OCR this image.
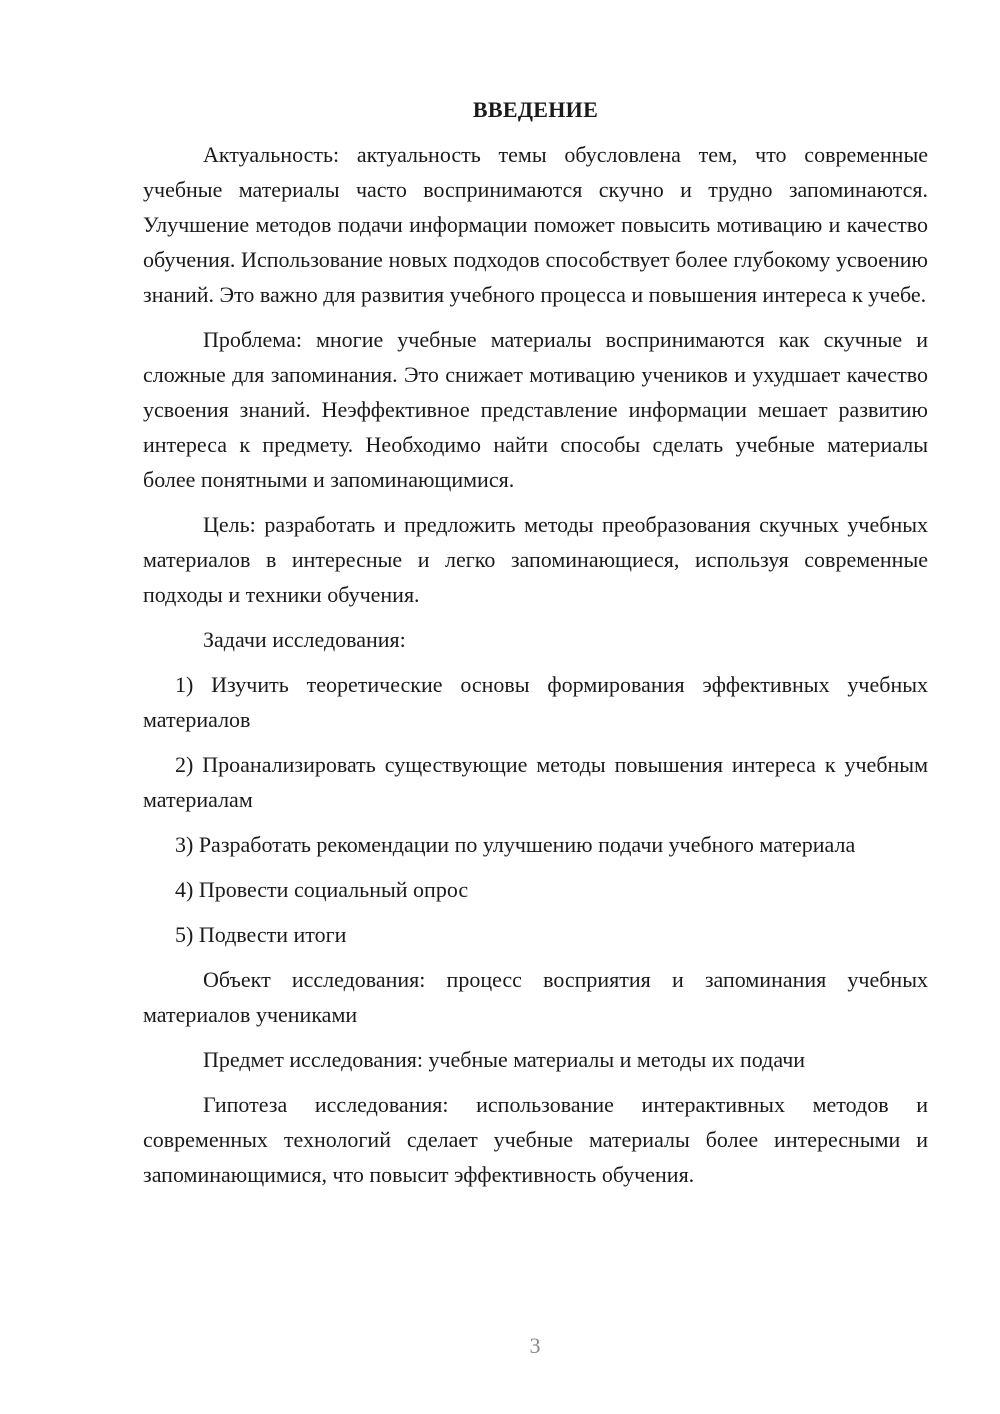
ВВЕДЕНИЕ

Актуальность: актуальность темы обусловлена тем, что современные учебные материалы часто воспринимаются скучно и трудно запоминаются. Улучшение методов подачи информации поможет повысить мотивацию и качество обучения. Использование новых подходов способствует более глубокому усвоению знаний. Это важно для развития учебного процесса и повышения интереса к учебе.

Проблема: многие учебные материалы воспринимаются как скучные и сложные для запоминания. Это снижает мотивацию учеников и ухудшает качество усвоения знаний. Неэффективное представление информации мешает развитию интереса к предмету. Необходимо найти способы сделать учебные материалы более понятными и запоминающимися.

Цель: разработать и предложить методы преобразования скучных учебных материалов в интересные и легко запоминающиеся, используя современные подходы и техники обучения.

Задачи исследования:

1) Изучить теоретические основы формирования эффективных учебных материалов

2) Проанализировать существующие методы повышения интереса к учебным материалам

3) Разработать рекомендации по улучшению подачи учебного материала

4) Провести социальный опрос

5) Подвести итоги

Объект исследования: процесс восприятия и запоминания учебных материалов учениками

Предмет исследования: учебные материалы и методы их подачи

Гипотеза исследования: использование интерактивных методов и современных технологий сделает учебные материалы более интересными и запоминающимися, что повысит эффективность обучения.

3
